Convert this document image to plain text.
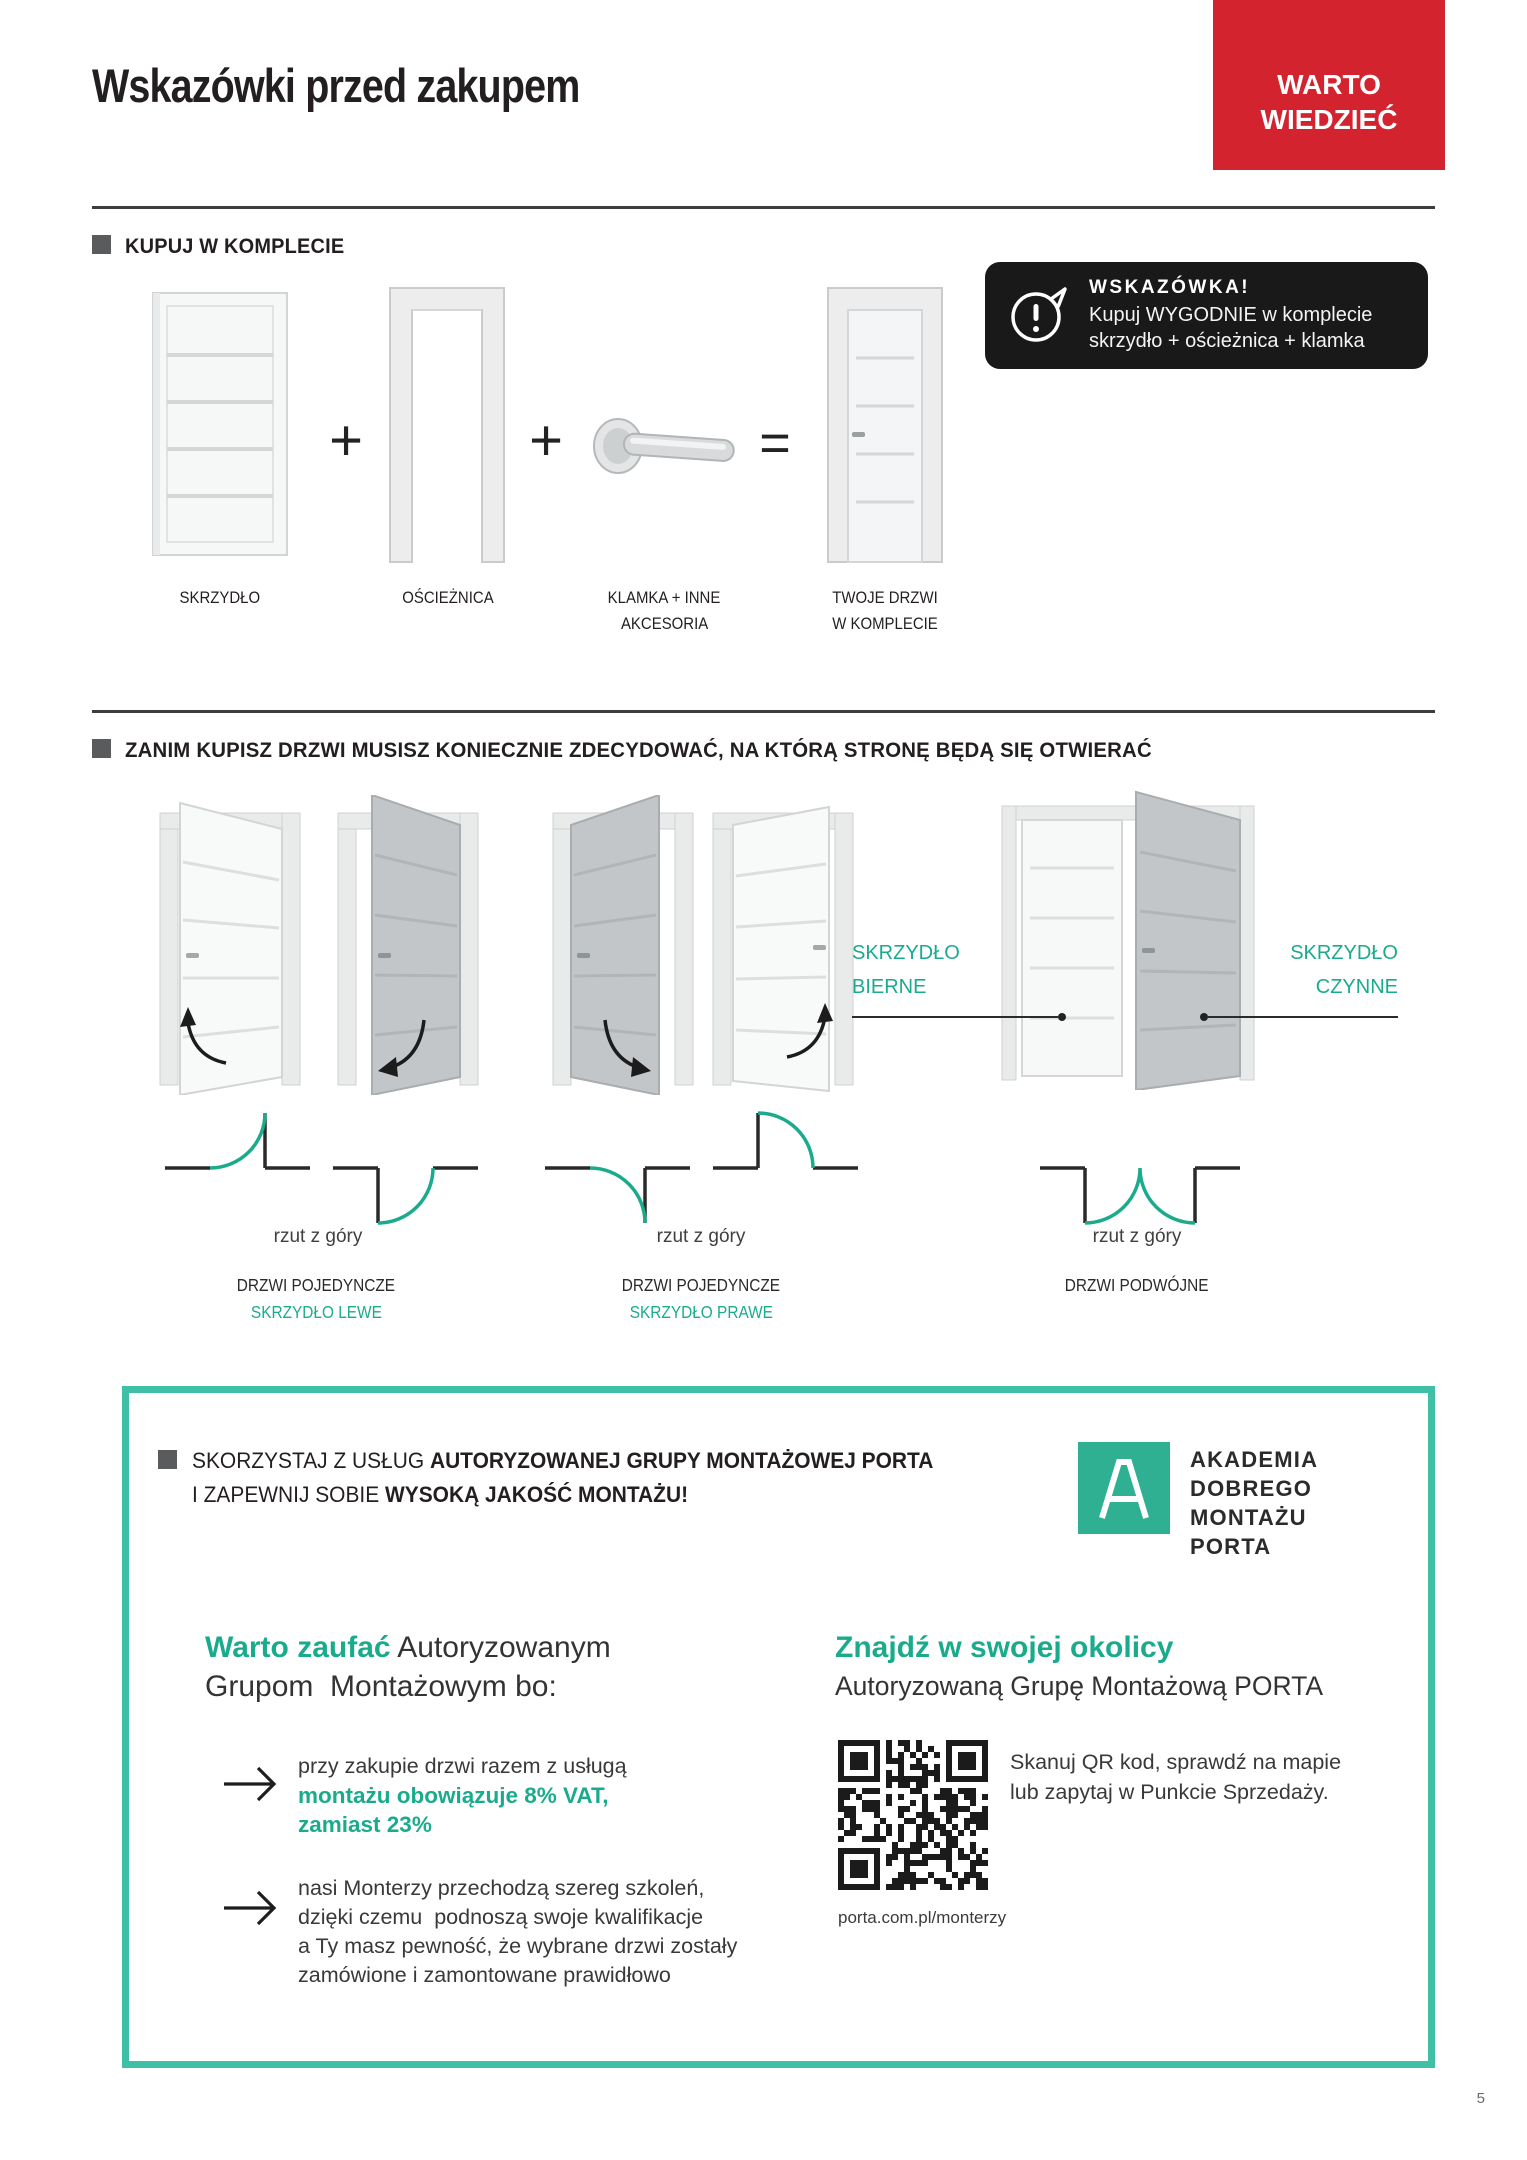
Wskazówki przed zakupem	WARTO
WIEDZIEĆ
KUPUJ W KOMPLECIE
+	+	=
SKRZYDŁO	OŚCIEŻNICA	KLAMKA + INNE
AKCESORIA
TWOJE DRZWI
W KOMPLECIE
WSKAZÓWKA!
Kupuj WYGODNIE w komplecie
skrzydło + ościeżnica + klamka
ZANIM KUPISZ DRZWI MUSISZ KONIECZNIE ZDECYDOWAĆ, NA KTÓRĄ STRONĘ BĘDĄ SIĘ OTWIERAĆ
SKRZYDŁO
BIERNE
SKRZYDŁO
CZYNNE
rzut z góry	rzut z góry	rzut z góry
DRZWI POJEDYNCZE
SKRZYDŁO LEWE
DRZWI POJEDYNCZE
SKRZYDŁO PRAWE
DRZWI PODWÓJNE
SKORZYSTAJ Z USŁUG AUTORYZOWANEJ GRUPY MONTAŻOWEJ PORTA
I ZAPEWNIJ SOBIE WYSOKĄ JAKOŚĆ MONTAŻU!
AKADEMIA
DOBREGO
MONTAŻU
PORTA
Warto zaufać Autoryzowanym
Grupom  Montażowym bo:
przy zakupie drzwi razem z usługą
montażu obowiązuje 8% VAT,
zamiast 23%
nasi Monterzy przechodzą szereg szkoleń,
dzięki czemu  podnoszą swoje kwalifikacje
a Ty masz pewność, że wybrane drzwi zostały
zamówione i zamontowane prawidłowo
Znajdź w swojej okolicy
Autoryzowaną Grupę Montażową PORTA
porta.com.pl/monterzy
Skanuj QR kod, sprawdź na mapie
lub zapytaj w Punkcie Sprzedaży.
5
